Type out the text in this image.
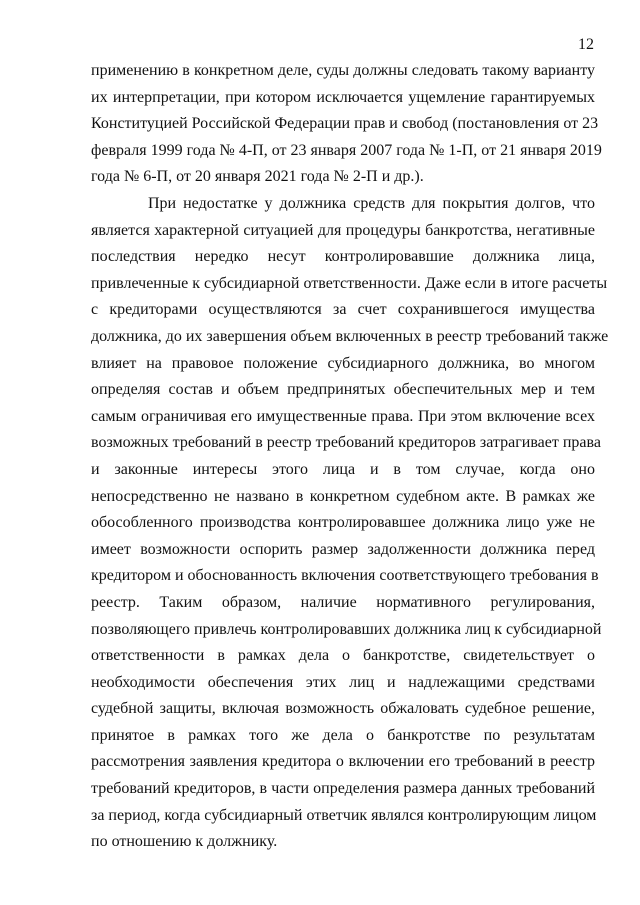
12
применению в конкретном деле, суды должны следовать такому варианту
их интерпретации, при котором исключается ущемление гарантируемых
Конституцией Российской Федерации прав и свобод (постановления от 23
февраля 1999 года № 4-П, от 23 января 2007 года № 1-П, от 21 января 2019
года № 6-П, от 20 января 2021 года № 2-П и др.).
При недостатке у должника средств для покрытия долгов, что
является характерной ситуацией для процедуры банкротства, негативные
последствия нередко несут контролировавшие должника лица,
привлеченные к субсидиарной ответственности. Даже если в итоге расчеты
с кредиторами осуществляются за счет сохранившегося имущества
должника, до их завершения объем включенных в реестр требований также
влияет на правовое положение субсидиарного должника, во многом
определяя состав и объем предпринятых обеспечительных мер и тем
самым ограничивая его имущественные права. При этом включение всех
возможных требований в реестр требований кредиторов затрагивает права
и законные интересы этого лица и в том случае, когда оно
непосредственно не названо в конкретном судебном акте. В рамках же
обособленного производства контролировавшее должника лицо уже не
имеет возможности оспорить размер задолженности должника перед
кредитором и обоснованность включения соответствующего требования в
реестр. Таким образом, наличие нормативного регулирования,
позволяющего привлечь контролировавших должника лиц к субсидиарной
ответственности в рамках дела о банкротстве, свидетельствует о
необходимости обеспечения этих лиц и надлежащими средствами
судебной защиты, включая возможность обжаловать судебное решение,
принятое в рамках того же дела о банкротстве по результатам
рассмотрения заявления кредитора о включении его требований в реестр
требований кредиторов, в части определения размера данных требований
за период, когда субсидиарный ответчик являлся контролирующим лицом
по отношению к должнику.
